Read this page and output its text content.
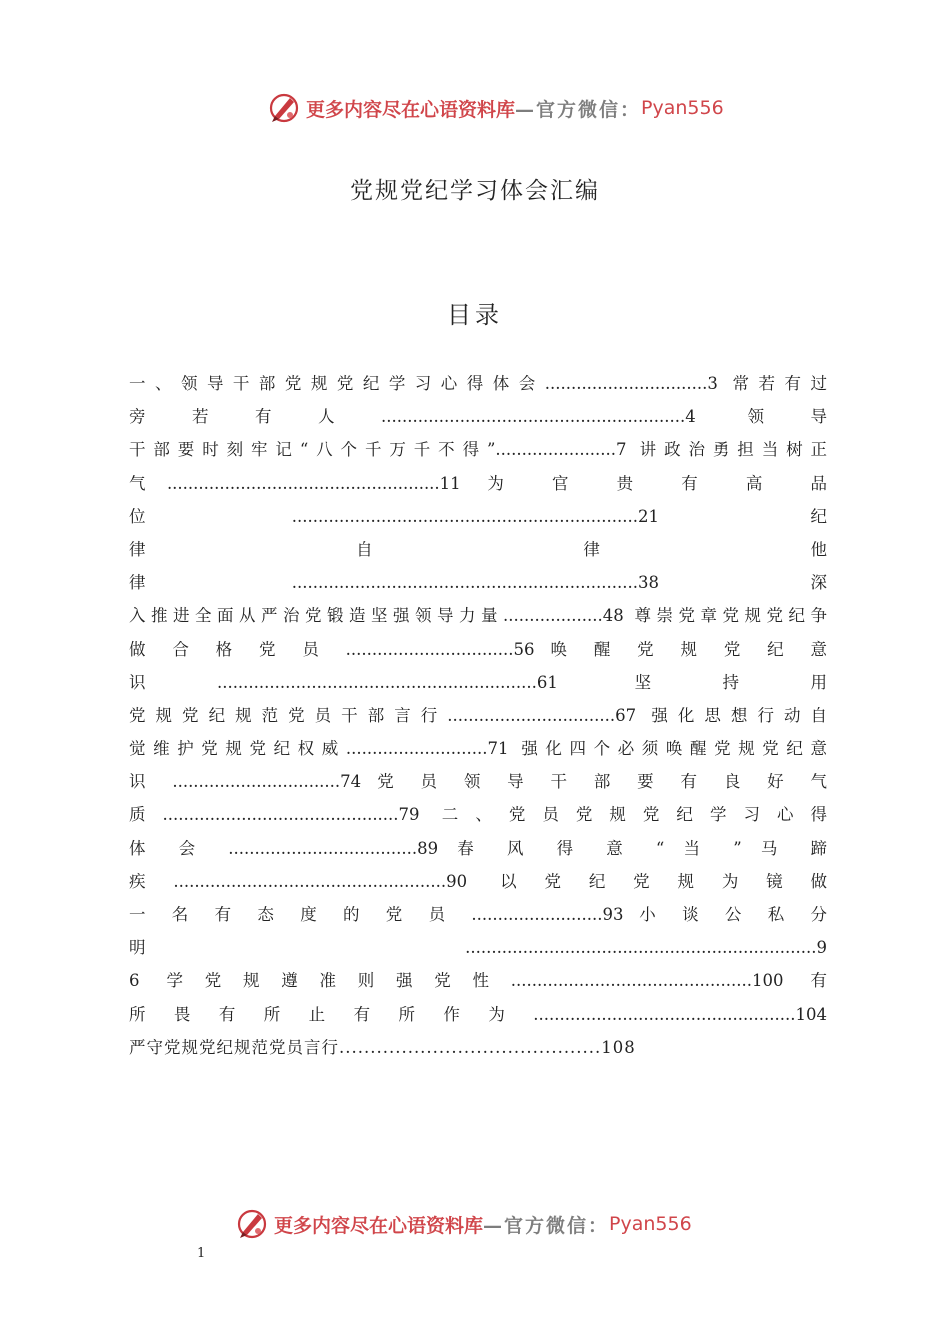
更多内容尽在心语资料库 —官方微信： Pyan556
党规党纪学习体会汇编
目录
一、领导干部党规党纪学习心得体会...............................3 常若有过
旁若有人..........................................................4 领导
干部要时刻牢记“八个千万千不得”.......................7 讲政治勇担当树正
气....................................................11 为 官 贵 有 高 品
位..................................................................21 纪
律 自 律 他
律..................................................................38 深
入推进全面从严治党锻造坚强领导力量...................48 尊崇党章党规党纪争
做 合 格 党 员 ................................56 唤 醒 党 规 党 纪 意
识.............................................................61 坚持用
党规党纪规范党员干部言行................................67 强化思想行动自
觉维护党规党纪权威...........................71 强化四个必须唤醒党规党纪意
识 ................................74 党 员 领 导 干 部 要 有 良 好 气
质.............................................79 二、党员党规党纪学习心得
体 会 ....................................89 春 风 得 意 “ 当 ” 马 蹄
疾....................................................90 以党纪党规为镜做
一 名 有 态 度 的 党 员 .........................93 小 谈 公 私 分
明...................................................................9
6 学党规遵准则强党性..............................................100 有
所畏有所止有所作为..................................................104
严守党规党纪规范党员言行..........................................108
更多内容尽在心语资料库 —官方微信： Pyan556
1
